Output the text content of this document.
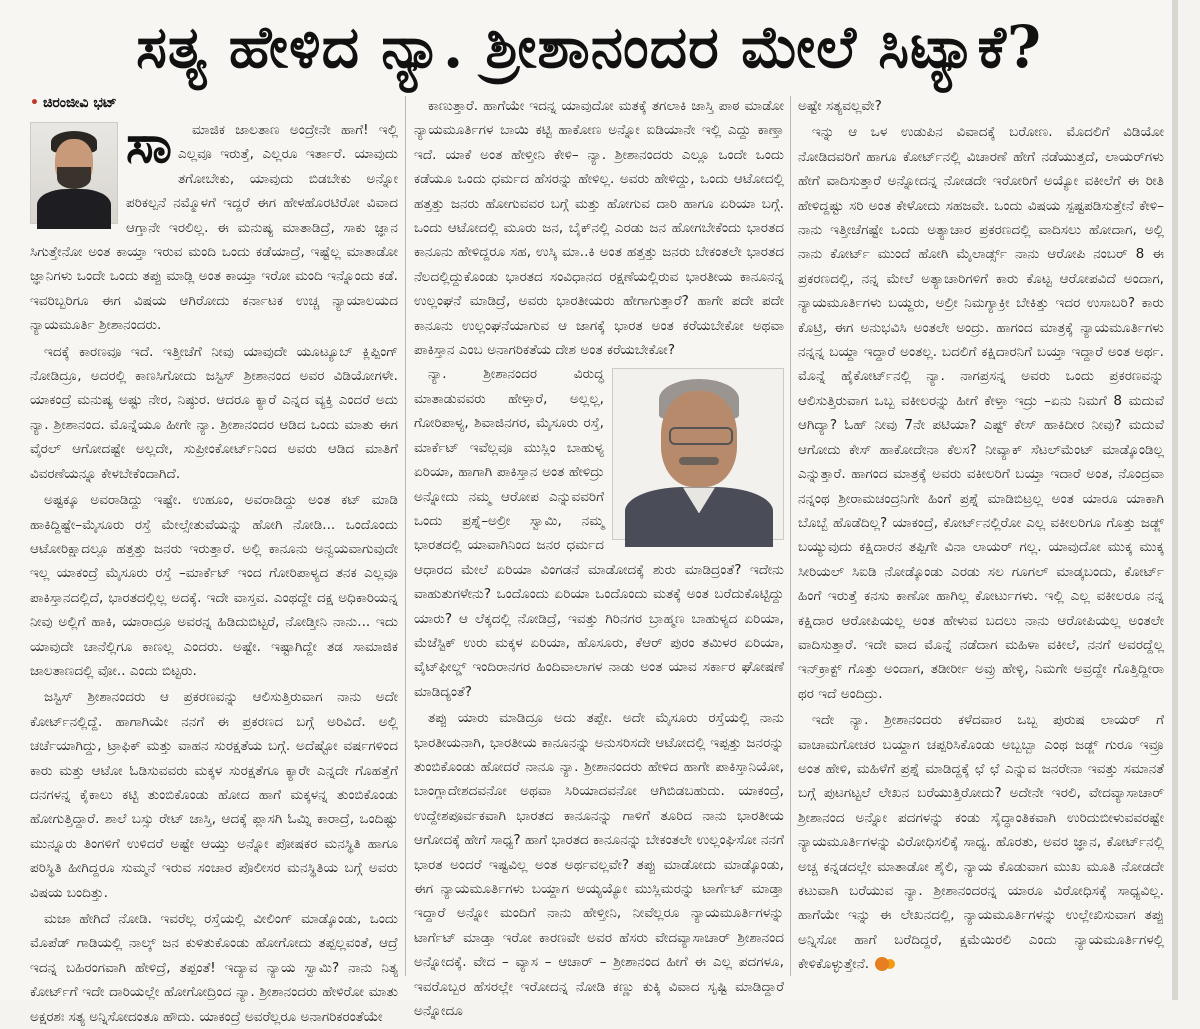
ಸತ್ಯ ಹೇಳಿದ ನ್ಯಾ. ಶ್ರೀಶಾನಂದರ ಮೇಲೆ ಸಿಟ್ಯಾಕೆ?
• ಚಿರಂಜೀವಿ ಭಟ್
ಸಾ	ಮಾಜಿಕ ಜಾಲತಾಣ ಅಂದ್ರೇನೇ ಹಾಗೆ! ಇಲ್ಲಿ ಎಲ್ಲವೂ ಇರುತ್ತೆ, ಎಲ್ಲರೂ ಇರ್ತಾರೆ. ಯಾವುದು ತಗೋಬೇಕು, ಯಾವುದು ಬಿಡಬೇಕು ಅನ್ನೋ ಪರಿಕಲ್ಪನೆ ನಮ್ಮೊಳಗೆ ಇದ್ದರೆ ಈಗ ಹೇಳಹೊರಟಿರೋ ವಿವಾದ ಆಗ್ತಾನೇ ಇರಲಿಲ್ಲ. ಈ ಮನುಷ್ಯ ಮಾತಾಡಿದ್ರೆ, ಸಾಕು ಜ್ಞಾನ ಸಿಗುತ್ತೇನೋ ಅಂತ ಕಾಯ್ತಾ ಇರುವ ಮಂದಿ ಒಂದು ಕಡೆಯಾದ್ರೆ, ಇಷ್ಟೆಲ್ಲ ಮಾತಾಡೋ ಜ್ಞಾನಿಗಳು ಒಂದೇ ಒಂದು ತಪ್ಪು ಮಾಡ್ಲಿ ಅಂತ ಕಾಯ್ತಾ ಇರೋ ಮಂದಿ ಇನ್ನೊಂದು ಕಡೆ. ಇವರಿಬ್ಬರಿಗೂ ಈಗ ವಿಷಯ ಆಗಿರೋದು ಕರ್ನಾಟಕ ಉಚ್ಚ ನ್ಯಾಯಾಲಯದ ನ್ಯಾಯಮೂರ್ತಿ ಶ್ರೀಶಾನಂದರು.

ಇದಕ್ಕೆ ಕಾರಣವೂ ಇದೆ. ಇತ್ತೀಚೆಗೆ ನೀವು ಯಾವುದೇ ಯೂಟ್ಯೂಬ್ ಕ್ಲಿಪ್ಪಿಂಗ್ ನೋಡಿದ್ರೂ, ಅದರಲ್ಲಿ ಕಾಣಸಿಗೋದು ಜಸ್ಟಿಸ್ ಶ್ರೀಶಾನಂದ ಅವರ ವಿಡಿಯೋಗಳೇ. ಯಾಕಂದ್ರೆ ಮನುಷ್ಯ ಅಷ್ಟು ನೇರ, ನಿಷ್ಠುರ. ಆದರೂ ಕ್ಯಾರೆ ಎನ್ನದ ವ್ಯಕ್ತಿ ಎಂದರೆ ಅದು ನ್ಯಾ. ಶ್ರೀಶಾನಂದ. ಮೊನ್ನೆಯೂ ಹೀಗೇ ನ್ಯಾ. ಶ್ರೀಶಾನಂದರ ಆಡಿದ ಒಂದು ಮಾತು ಈಗ ವೈರಲ್ ಆಗೋದಷ್ಟೇ ಅಲ್ಲದೇ, ಸುಪ್ರೀಂಕೋರ್ಟ್‌ನಿಂದ ಅವರು ಆಡಿದ ಮಾತಿಗೆ ವಿವರಣೆಯನ್ನೂ ಕೇಳಬೇಕೆಂದಾಗಿದೆ.

ಅಷ್ಟಕ್ಕೂ ಅವರಾಡಿದ್ದು ಇಷ್ಟೇ. ಉಹೂಂ, ಅವರಾಡಿದ್ದು ಅಂತ ಕಟ್ ಮಾಡಿ ಹಾಕಿದ್ದಿಷ್ಟೇ–ಮೈಸೂರು ರಸ್ತೆ ಮೇಲ್ಸೇತುವೆಯನ್ನು ಹೋಗಿ ನೋಡಿ... ಒಂದೊಂದು ಆಟೋರಿಕ್ಷಾದಲ್ಲೂ ಹತ್ತತ್ತು ಜನರು ಇರುತ್ತಾರೆ. ಅಲ್ಲಿ ಕಾನೂನು ಅನ್ವಯವಾಗುವುದೇ ಇಲ್ಲ ಯಾಕಂದ್ರೆ ಮೈಸೂರು ರಸ್ತೆ –ಮಾರ್ಕೆಟ್ ಇಂದ ಗೋರಿಪಾಳ್ಯದ ತನಕ ಎಲ್ಲವೂ ಪಾಕಿಸ್ತಾನದಲ್ಲಿದೆ, ಭಾರತದಲ್ಲಿಲ್ಲ ಅದಕ್ಕೆ. ಇದೇ ವಾಸ್ತವ. ಎಂಥದ್ದೇ ದಕ್ಷ ಅಧಿಕಾರಿಯನ್ನ ನೀವು ಅಲ್ಲಿಗೆ ಹಾಕಿ, ಯಾರಾದ್ರೂ ಅವರನ್ನ ಹಿಡಿದುಬಿಟ್ಟರೆ, ನೋಡ್ತೀನಿ ನಾನು... ಇದು ಯಾವುದೇ ಚಾನೆಲ್ಲಿಗೂ ಕಾಣಲ್ಲ ಎಂದರು. ಅಷ್ಟೇ. ಇಷ್ಟಾಗಿದ್ದೇ ತಡ ಸಾಮಾಜಿಕ ಜಾಲತಾಣದಲ್ಲಿ ವೋ.. ಎಂದು ಬಿಟ್ಟರು.

ಜಸ್ಟಿಸ್ ಶ್ರೀಶಾನಂದರು ಆ ಪ್ರಕರಣವನ್ನು ಆಲಿಸುತ್ತಿರುವಾಗ ನಾನು ಅದೇ ಕೋರ್ಟ್‌ನಲ್ಲಿದ್ದೆ. ಹಾಗಾಗಿಯೇ ನನಗೆ ಈ ಪ್ರಕರಣದ ಬಗ್ಗೆ ಅರಿವಿದೆ. ಅಲ್ಲಿ ಚರ್ಚೆಯಾಗಿದ್ದು, ಟ್ರಾಫಿಕ್ ಮತ್ತು ವಾಹನ ಸುರಕ್ಷತೆಯ ಬಗ್ಗೆ. ಅದೆಷ್ಟೋ ವರ್ಷಗಳಿಂದ ಕಾರು ಮತ್ತು ಆಟೋ ಓಡಿಸುವವರು ಮಕ್ಕಳ ಸುರಕ್ಷತೆಗೂ ಕ್ಯಾರೇ ಎನ್ನದೇ ಗೊಹತ್ತೆಗೆ ದನಗಳನ್ನ ಕೈಕಾಲು ಕಟ್ಟಿ ತುಂಬಿಕೊಂಡು ಹೋದ ಹಾಗೆ ಮಕ್ಕಳನ್ನ ತುಂಬಿಕೊಂಡು ಹೋಗುತ್ತಿದ್ದಾರೆ. ಶಾಲೆ ಬಸ್ಸು ರೇಟ್ ಜಾಸ್ತಿ, ಆದಕ್ಕೆ ಪ್ಲಾಸಗಿ ಓಮ್ನಿ ಕಾರಾದ್ರೆ, ಒಂದಿಷ್ಟು ಮುನ್ನೂರು ತಿಂಗಳಿಗೆ ಉಳಿದರೆ ಅಷ್ಟೇ ಆಯ್ತು ಅನ್ನೋ ಪೋಷಕರ ಮನಸ್ಥಿತಿ ಹಾಗೂ ಪರಿಸ್ಥಿತಿ ಹೀಗಿದ್ದರೂ ಸುಮ್ಮನೆ ಇರುವ ಸಂಚಾರ ಪೊಲೀಸರ ಮನಸ್ಥಿತಿಯ ಬಗ್ಗೆ ಅವರು ವಿಷಯ ಬಂದಿತ್ತು.

ಮಜಾ ಹೇಗಿದೆ ನೋಡಿ. ಇವರೆಲ್ಲ ರಸ್ತೆಯಲ್ಲಿ ವೀಲಿಂಗ್ ಮಾಡ್ಕೊಂಡು, ಒಂದು ಮೊಪೆಡ್ ಗಾಡಿಯಲ್ಲಿ ನಾಲ್ಕ್ ಜನ ಕುಳಿತುಕೊಂಡು ಹೋಗೋದು ತಪ್ಪಲ್ಲವಂತೆ, ಆದ್ರೆ ಇದನ್ನ ಬಹಿರಂಗವಾಗಿ ಹೇಳಿದ್ರೆ, ತಪ್ಪಂತೆ! ಇದ್ಯಾವ ನ್ಯಾಯ ಸ್ವಾಮಿ? ನಾನು ನಿತ್ಯ ಕೋರ್ಟ್‌ಗೆ ಇದೇ ದಾರಿಯಲ್ಲೇ ಹೋಗೋದ್ರಿಂದ ನ್ಯಾ. ಶ್ರೀಶಾನಂದರು ಹೇಳಿರೋ ಮಾತು ಅಕ್ಷರಶಃ ಸತ್ಯ ಅನ್ನಿಸೋದಂತೂ ಹೌದು. ಯಾಕಂದ್ರೆ ಅವರೆಲ್ಲರೂ ಅನಾಗರಿಕರಂತೆಯೇ

ಕಾಣುತ್ತಾರೆ. ಹಾಗೆಯೇ ಇದನ್ನ ಯಾವುದೋ ಮತಕ್ಕೆ ತಗಲಾಕಿ ಜಾಸ್ತಿ ಪಾಠ ಮಾಡೋ ನ್ಯಾಯಮೂರ್ತಿಗಳ ಬಾಯಿ ಕಟ್ಟಿ ಹಾಕೋಣ ಅನ್ನೋ ಐಡಿಯಾನೇ ಇಲ್ಲಿ ಎದ್ದು ಕಾಣ್ತಾ ಇದೆ. ಯಾಕೆ ಅಂತ ಹೇಳ್ತೀನಿ ಕೇಳಿ– ನ್ಯಾ. ಶ್ರೀಶಾನಂದರು ಎಲ್ಲೂ ಒಂದೇ ಒಂದು ಕಡೆಯೂ ಒಂದು ಧರ್ಮದ ಹೆಸರನ್ನು ಹೇಳಿಲ್ಲ. ಅವರು ಹೇಳಿದ್ದು, ಒಂದು ಆಟೋದಲ್ಲಿ ಹತ್ತತ್ತು ಜನರು ಹೋಗುವವರ ಬಗ್ಗೆ ಮತ್ತು ಹೋಗುವ ದಾರಿ ಹಾಗೂ ಏರಿಯಾ ಬಗ್ಗೆ. ಒಂದು ಆಟೋದಲ್ಲಿ ಮೂರು ಜನ, ಬೈಕ್‌ನಲ್ಲಿ ಎರಡು ಜನ ಹೋಗಬೇಕೆಂದು ಭಾರತದ ಕಾನೂನು ಹೇಳಿದ್ದರೂ ಸಹ, ಉಸ್ಕಿ ಮಾ..ಕಿ ಅಂತ ಹತ್ತತ್ತು ಜನರು ಬೇಕಂತಲೇ ಭಾರತದ ನೆಲದಲ್ಲಿದ್ದುಕೊಂಡು ಭಾರತದ ಸಂವಿಧಾನದ ರಕ್ಷಣೆಯಲ್ಲಿರುವ ಭಾರತೀಯ ಕಾನೂನನ್ನ ಉಲ್ಲಂಘನೆ ಮಾಡಿದ್ರೆ, ಅವರು ಭಾರತೀಯರು ಹೇಗಾಗುತ್ತಾರೆ? ಹಾಗೇ ಪದೇ ಪದೇ ಕಾನೂನು ಉಲ್ಲಂಘನೆಯಾಗುವ ಆ ಜಾಗಕ್ಕೆ ಭಾರತ ಅಂತ ಕರೆಯಬೇಕೋ ಅಥವಾ ಪಾಕಿಸ್ತಾನ ಎಂಬ ಅನಾಗರಿಕತೆಯ ದೇಶ ಅಂತ ಕರೆಯಬೇಕೋ?

ನ್ಯಾ. ಶ್ರೀಶಾನಂದರ ವಿರುದ್ಧ ಮಾತಾಡುವವರು ಹೇಳ್ತಾರೆ, ಅಲ್ಲಲ್ಲ, ಗೋರಿಪಾಳ್ಯ, ಶಿವಾಜಿನಗರ, ಮೈಸೂರು ರಸ್ತೆ, ಮಾರ್ಕೆಟ್ ಇವೆಲ್ಲವೂ ಮುಸ್ಲಿಂ ಬಾಹುಳ್ಯ ಏರಿಯಾ, ಹಾಗಾಗಿ ಪಾಕಿಸ್ತಾನ ಅಂತ ಹೇಳಿದ್ರು ಅನ್ನೋದು ನಮ್ಮ ಆರೋಪ ಎನ್ನುವವರಿಗೆ ಒಂದು ಪ್ರಶ್ನೆ–ಅಲ್ರೀ ಸ್ವಾಮಿ, ನಮ್ಮ ಭಾರತದಲ್ಲಿ ಯಾವಾಗಿನಿಂದ ಜನರ ಧರ್ಮದ ಆಧಾರದ ಮೇಲೆ ಏರಿಯಾ ವಿಂಗಡನೆ ಮಾಡೋದಕ್ಕೆ ಶುರು ಮಾಡಿದ್ರಂತೆ? ಇದೇನು ವಾಹುತುಗಳೇನು? ಒಂದೊಂದು ಏರಿಯಾ ಒಂದೊಂದು ಮತಕ್ಕೆ ಅಂತ ಬರೆದುಕೊಟ್ಟಿದ್ದು ಯಾರು? ಆ ಲೆಕ್ಕದಲ್ಲಿ ನೋಡಿದ್ರೆ, ಇವತ್ತು ಗಿರಿನಗರ ಬ್ರಾಹ್ಮಣ ಬಾಹುಳ್ಯದ ಏರಿಯಾ, ಮೆಜೆಸ್ಟಿಕ್ ಉರು ಮಕ್ಕಳ ಏರಿಯಾ, ಹೊಸೂರು, ಕೆಆರ್ ಪುರಂ ತಮಿಳರ ಏರಿಯಾ, ವೈಟ್‌ಫೀಲ್ಡ್ ಇಂದಿರಾನಗರ ಹಿಂದಿವಾಲಾಗಳ ನಾಡು ಅಂತ ಯಾವ ಸರ್ಕಾರ ಘೋಷಣೆ ಮಾಡಿದ್ಯಂತೆ?

ತಪ್ಪು ಯಾರು ಮಾಡಿದ್ರೂ ಅದು ತಪ್ಪೇ. ಅದೇ ಮೈಸೂರು ರಸ್ತೆಯಲ್ಲಿ ನಾನು ಭಾರತೀಯನಾಗಿ, ಭಾರತೀಯ ಕಾನೂನನ್ನು ಅನುಸರಿಸದೇ ಆಟೋದಲ್ಲಿ ಇಪ್ಪತ್ತು ಜನರನ್ನು ತುಂಬಿಕೊಂಡು ಹೋದರೆ ನಾನೂ ನ್ಯಾ. ಶ್ರೀಶಾನಂದರು ಹೇಳಿದ ಹಾಗೇ ಪಾಕಿಸ್ತಾನಿಯೋ, ಬಾಂಗ್ಲಾದೇಶದವನೋ ಅಥವಾ ಸಿರಿಯಾದವನೋ ಆಗಿಬಿಡಬಹುದು. ಯಾಕಂದ್ರೆ, ಉದ್ದೇಶಪೂರ್ವಕವಾಗಿ ಭಾರತದ ಕಾನೂನನ್ನು ಗಾಳಿಗೆ ತೂರಿದ ನಾನು ಭಾರತೀಯ ಆಗೋದಕ್ಕೆ ಹೇಗೆ ಸಾಧ್ಯ? ಹಾಗೆ ಭಾರತದ ಕಾನೂನನ್ನು ಬೇಕಂತಲೇ ಉಲ್ಲಂಘಿಸೋ ನನಗೆ ಭಾರತ ಅಂದರೆ ಇಷ್ಟವಿಲ್ಲ ಅಂತ ಅರ್ಥವಲ್ಲವೇ? ತಪ್ಪು ಮಾಡೋದು ಮಾಡ್ಕೊಂಡು, ಈಗ ನ್ಯಾಯಮೂರ್ತಿಗಳು ಬಯ್ದಾಗ ಅಯ್ಯಯ್ಯೋ ಮುಸ್ಲಿಮರನ್ನು ಟಾರ್ಗೆಟ್ ಮಾಡ್ತಾ ಇದ್ದಾರೆ ಅನ್ನೋ ಮಂದಿಗೆ ನಾನು ಹೇಳ್ತೀನಿ, ನೀವೆಲ್ಲರೂ ನ್ಯಾಯಮೂರ್ತಿಗಳನ್ನು ಟಾರ್ಗೆಟ್ ಮಾಡ್ತಾ ಇರೋ ಕಾರಣವೇ ಅವರ ಹೆಸರು ವೇದವ್ಯಾಸಾಚಾರ್ ಶ್ರೀಶಾನಂದ ಅನ್ನೋದಕ್ಕೆ. ವೇದ – ವ್ಯಾಸ – ಆಚಾರ್ – ಶ್ರೀಶಾನಂದ ಹೀಗೆ ಈ ಎಲ್ಲ ಪದಗಳೂ, ಇವರೊಬ್ಬರ ಹೆಸರಲ್ಲೇ ಇರೋದನ್ನ ನೋಡಿ ಕಣ್ಣು ಕುಕ್ಕಿ ವಿವಾದ ಸೃಷ್ಟಿ ಮಾಡಿದ್ದಾರೆ ಅನ್ನೋದೂ

ಅಷ್ಟೇ ಸತ್ಯವಲ್ಲವೇ?

ಇನ್ನು ಆ ಒಳ ಉಡುಪಿನ ವಿವಾದಕ್ಕೆ ಬರೋಣ. ಮೊದಲಿಗೆ ವಿಡಿಯೋ ನೋಡಿದವರಿಗೆ ಹಾಗೂ ಕೋರ್ಟ್‌ನಲ್ಲಿ ವಿಚಾರಣೆ ಹೇಗೆ ನಡೆಯುತ್ತದೆ, ಲಾಯರ್‌ಗಳು ಹೇಗೆ ವಾದಿಸುತ್ತಾರೆ ಅನ್ನೋದನ್ನ ನೋಡದೇ ಇರೋರಿಗೆ ಅಯ್ಯೋ ವಕೀಲೆಗೆ ಈ ರೀತಿ ಹೇಳಿದ್ದಷ್ಟು ಸರಿ ಅಂತ ಕೇಳೋದು ಸಹಜವೇ. ಒಂದು ವಿಷಯ ಸ್ಪಷ್ಟಪಡಿಸುತ್ತೇನೆ ಕೇಳಿ–ನಾನು ಇತ್ತೀಚೆಗಷ್ಟೇ ಒಂದು ಅತ್ಯಾಚಾರ ಪ್ರಕರಣದಲ್ಲಿ ವಾದಿಸಲು ಹೋದಾಗ, ಅಲ್ಲಿ ನಾನು ಕೋರ್ಟ್ ಮುಂದೆ ಹೋಗಿ ಮೈಲಾರ್ಡ್ಸ್ ನಾನು ಆರೋಪಿ ನಂಬರ್ 8 ಈ ಪ್ರಕರಣದಲ್ಲಿ, ನನ್ನ ಮೇಲೆ ಅತ್ಯಾಚಾರಿಗಳಿಗೆ ಕಾರು ಕೊಟ್ಟ ಆರೋಪವಿದೆ ಅಂದಾಗ, ನ್ಯಾಯಮೂರ್ತಿಗಳು ಬಯ್ದರು, ಅಲ್ರೀ ನಿಮಗ್ಯಾಕ್ರೀ ಬೇಕಿತ್ತು ಇದರ ಉಸಾಬರಿ? ಕಾರು ಕೊಟ್ರಿ, ಈಗ ಅನುಭವಿಸಿ ಅಂತಲೇ ಅಂದ್ರು. ಹಾಗಂದ ಮಾತ್ರಕ್ಕೆ ನ್ಯಾಯಮೂರ್ತಿಗಳು ನನ್ನನ್ನ ಬಯ್ದಾ ಇದ್ದಾರೆ ಅಂತಲ್ಲ. ಬದಲಿಗೆ ಕಕ್ಷಿದಾರನಿಗೆ ಬಯ್ತಾ ಇದ್ದಾರೆ ಅಂತ ಅರ್ಥ. ಮೊನ್ನೆ ಹೈಕೋರ್ಟ್‌ನಲ್ಲಿ ನ್ಯಾ. ನಾಗಪ್ರಸನ್ನ ಅವರು ಒಂದು ಪ್ರಕರಣವನ್ನು ಆಲಿಸುತ್ತಿರುವಾಗ ಒಬ್ಬ ವಕೀಲರನ್ನು ಹೀಗೆ ಕೇಳ್ತಾ ಇದ್ರು –ಏನು ನಿಮಗೆ 8 ಮದುವೆ ಆಗಿದ್ಯಾ? ಓಹ್ ನೀವು 7ನೇ ಪಟಿಯಾ? ಎಷ್ಟ್ ಕೇಸ್ ಹಾಕಿದೀರ ನೀವು? ಮದುವೆ ಆಗೋದು ಕೇಸ್ ಹಾಕೋದೇನಾ ಕೆಲಸ? ನೀವ್ಯಾಕ್ ಸೆಟಲ್‌ಮೆಂಟ್ ಮಾಡ್ಕೊಂಡಿಲ್ಲ ಎನ್ನುತ್ತಾರೆ. ಹಾಗಂದ ಮಾತ್ರಕ್ಕೆ ಅವರು ವಕೀಲರಿಗೆ ಬಯ್ತಾ ಇದಾರೆ ಅಂತ, ನೊಂದ್ರವಾ ನನ್ನಂಥ ಶ್ರೀರಾಮಚಂದ್ರನಿಗೇ ಹಿಂಗೆ ಪ್ರಶ್ನೆ ಮಾಡಿಬಿಟ್ರಲ್ಲ ಅಂತ ಯಾರೂ ಯಾಕಾಗಿ ಬೊಬ್ಬೆ ಹೊಡೆದಿಲ್ಲ? ಯಾಕಂದ್ರೆ, ಕೋರ್ಟ್‌ನಲ್ಲಿರೋ ಎಲ್ಲ ವಕೀಲರಿಗೂ ಗೊತ್ತು ಜಡ್ಜ್ ಬಯ್ಯುವುದು ಕಕ್ಷಿದಾರನ ತಪ್ಪಿಗೇ ವಿನಾ ಲಾಯರ್ ಗಲ್ಲ. ಯಾವುದೋ ಮುಕ್ಕ ಮುಕ್ಕ ಸೀರಿಯಲ್ ಸಿಐಡಿ ನೋಡ್ಕೊಂಡು ಎರಡು ಸಲ ಗೂಗಲ್ ಮಾಡ್ಕಬಂದು, ಕೋರ್ಟ್ ಹಿಂಗೆ ಇರುತ್ತೆ ಕನಸು ಕಾಣೋ ಹಾಗಿಲ್ಲ ಕೋರ್ಟುಗಳು. ಇಲ್ಲಿ ಎಲ್ಲ ವಕೀಲರೂ ನನ್ನ ಕಕ್ಷಿದಾರ ಆರೋಪಿಯಲ್ಲ ಅಂತ ಹೇಳುವ ಬದಲು ನಾನು ಆರೋಪಿಯಲ್ಲ ಅಂತಲೇ ವಾದಿಸುತ್ತಾರೆ. ಇದೇ ವಾದ ಮೊನ್ನೆ ನಡೆದಾಗ ಮಹಿಳಾ ವಕೀಲೆ, ನನಗೆ ಅವರದ್ದೆಲ್ಲ ಇನ್‌ಕ್ರಾಕ್ಟ್ ಗೊತ್ತು ಅಂದಾಗ, ತಡೀರ್ರೀ ಅವ್ರು ಹೇಳ್ಳಿ, ನಿಮಗೇ ಅವ್ರದ್ದೇ ಗೊತ್ತಿದ್ದೀರಾ ಥರ ಇದೆ ಅಂದಿದ್ರು.

ಇದೇ ನ್ಯಾ. ಶ್ರೀಶಾನಂದರು ಕಳೆದವಾರ ಒಬ್ಬ ಪುರುಷ ಲಾಯರ್ ಗೆ ವಾಚಾಮಗೋಚರ ಬಯ್ದಾಗ ಚಪ್ಪರಿಸಿಕೊಂಡು ಅಬ್ಬಬ್ಬಾ ಎಂಥ ಜಡ್ಜ್ ಗುರೂ ಇವ್ರೂ ಅಂತ ಹೇಳಿ, ಮಹಿಳೆಗೆ ಪ್ರಶ್ನೆ ಮಾಡಿದ್ದಕ್ಕೆ ಛೆ ಛೆ ಎನ್ನುವ ಜನರೇನಾ ಇವತ್ತು ಸಮಾನತೆ ಬಗ್ಗೆ ಪುಟಗಟ್ಟಲೆ ಲೇಖನ ಬರೆಯುತ್ತಿರೋದು? ಅದೇನೇ ಇರಲಿ, ವೇದವ್ಯಾಸಾಚಾರ್ ಶ್ರೀಶಾನಂದ ಅನ್ನೋ ಪದಗಳನ್ನು ಕಂಡು ಸೈದ್ಧಾಂತಿಕವಾಗಿ ಉರಿದುಬೀಳುವವರಷ್ಟೇ ನ್ಯಾಯಮೂರ್ತಿಗಳನ್ನು ವಿರೋಧಿಸಲಿಕ್ಕೆ ಸಾಧ್ಯ. ಹೊರತು, ಅವರ ಜ್ಞಾನ, ಕೋರ್ಟ್‌ನಲ್ಲಿ ಅಚ್ಚ ಕನ್ನಡದಲ್ಲೇ ಮಾತಾಡೋ ಶೈಲಿ, ನ್ಯಾಯ ಕೊಡುವಾಗ ಮುಖ ಮೂತಿ ನೋಡದೇ ಕಟುವಾಗಿ ಬರೆಯುವ ನ್ಯಾ. ಶ್ರೀಶಾನಂದರನ್ನ ಯಾರೂ ವಿರೋಧಿಸಕ್ಕೆ ಸಾಧ್ಯವಿಲ್ಲ. ಹಾಗೆಯೇ ಇನ್ನು ಈ ಲೇಖನದಲ್ಲಿ, ನ್ಯಾಯಮೂರ್ತಿಗಳನ್ನು ಉಲ್ಲೇಖಿಸುವಾಗ ತಪ್ಪು ಅನ್ನಿಸೋ ಹಾಗೆ ಬರೆದಿದ್ದರೆ, ಕ್ಷಮೆಯಿರಲಿ ಎಂದು ನ್ಯಾಯಮೂರ್ತಿಗಳಲ್ಲಿ ಕೇಳಿಕೊಳ್ಳುತ್ತೇನೆ.
